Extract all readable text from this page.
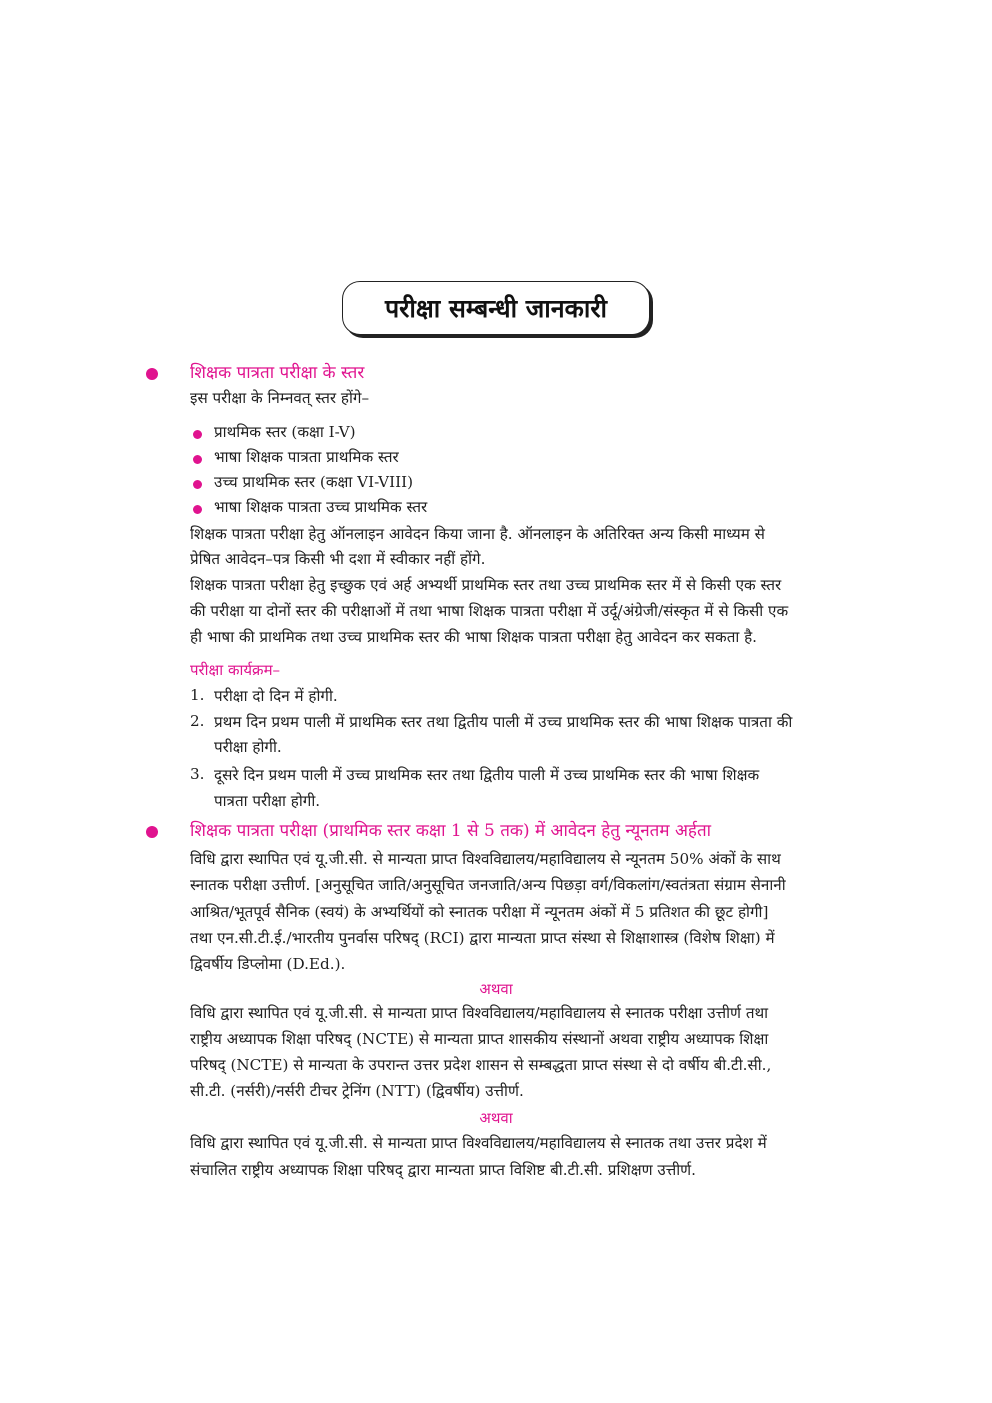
परीक्षा सम्बन्धी जानकारी
शिक्षक पात्रता परीक्षा के स्तर
इस परीक्षा के निम्नवत् स्तर होंगे–
प्राथमिक स्तर (कक्षा I-V)
भाषा शिक्षक पात्रता प्राथमिक स्तर
उच्च प्राथमिक स्तर (कक्षा VI-VIII)
भाषा शिक्षक पात्रता उच्च प्राथमिक स्तर
शिक्षक पात्रता परीक्षा हेतु ऑनलाइन आवेदन किया जाना है. ऑनलाइन के अतिरिक्त अन्य किसी माध्यम से
प्रेषित आवेदन–पत्र किसी भी दशा में स्वीकार नहीं होंगे.
शिक्षक पात्रता परीक्षा हेतु इच्छुक एवं अर्ह अभ्यर्थी प्राथमिक स्तर तथा उच्च प्राथमिक स्तर में से किसी एक स्तर
की परीक्षा या दोनों स्तर की परीक्षाओं में तथा भाषा शिक्षक पात्रता परीक्षा में उर्दू/अंग्रेजी/संस्कृत में से किसी एक
ही भाषा की प्राथमिक तथा उच्च प्राथमिक स्तर की भाषा शिक्षक पात्रता परीक्षा हेतु आवेदन कर सकता है.
परीक्षा कार्यक्रम–
1. परीक्षा दो दिन में होगी.
2. प्रथम दिन प्रथम पाली में प्राथमिक स्तर तथा द्वितीय पाली में उच्च प्राथमिक स्तर की भाषा शिक्षक पात्रता की
परीक्षा होगी.
3. दूसरे दिन प्रथम पाली में उच्च प्राथमिक स्तर तथा द्वितीय पाली में उच्च प्राथमिक स्तर की भाषा शिक्षक
पात्रता परीक्षा होगी.
शिक्षक पात्रता परीक्षा (प्राथमिक स्तर कक्षा 1 से 5 तक) में आवेदन हेतु न्यूनतम अर्हता
विधि द्वारा स्थापित एवं यू.जी.सी. से मान्यता प्राप्त विश्वविद्यालय/महाविद्यालय से न्यूनतम 50% अंकों के साथ
स्नातक परीक्षा उत्तीर्ण. [अनुसूचित जाति/अनुसूचित जनजाति/अन्य पिछड़ा वर्ग/विकलांग/स्वतंत्रता संग्राम सेनानी
आश्रित/भूतपूर्व सैनिक (स्वयं) के अभ्यर्थियों को स्नातक परीक्षा में न्यूनतम अंकों में 5 प्रतिशत की छूट होगी]
तथा एन.सी.टी.ई./भारतीय पुनर्वास परिषद् (RCI) द्वारा मान्यता प्राप्त संस्था से शिक्षाशास्त्र (विशेष शिक्षा) में
द्विवर्षीय डिप्लोमा (D.Ed.).
अथवा
विधि द्वारा स्थापित एवं यू.जी.सी. से मान्यता प्राप्त विश्वविद्यालय/महाविद्यालय से स्नातक परीक्षा उत्तीर्ण तथा
राष्ट्रीय अध्यापक शिक्षा परिषद् (NCTE) से मान्यता प्राप्त शासकीय संस्थानों अथवा राष्ट्रीय अध्यापक शिक्षा
परिषद् (NCTE) से मान्यता के उपरान्त उत्तर प्रदेश शासन से सम्बद्धता प्राप्त संस्था से दो वर्षीय बी.टी.सी.,
सी.टी. (नर्सरी)/नर्सरी टीचर ट्रेनिंग (NTT) (द्विवर्षीय) उत्तीर्ण.
अथवा
विधि द्वारा स्थापित एवं यू.जी.सी. से मान्यता प्राप्त विश्वविद्यालय/महाविद्यालय से स्नातक तथा उत्तर प्रदेश में
संचालित राष्ट्रीय अध्यापक शिक्षा परिषद् द्वारा मान्यता प्राप्त विशिष्ट बी.टी.सी. प्रशिक्षण उत्तीर्ण.
